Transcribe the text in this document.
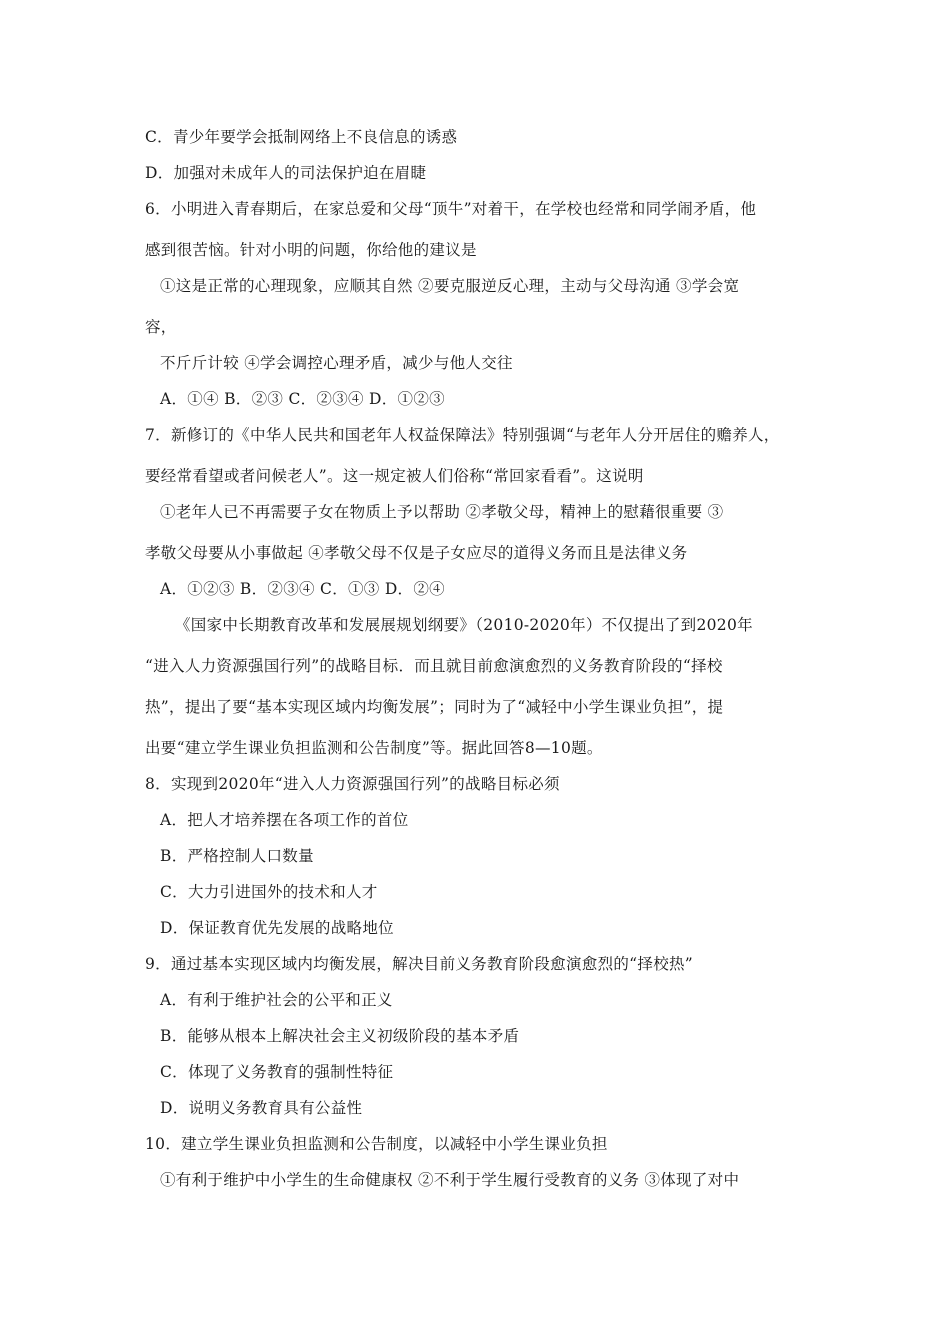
C．青少年要学会抵制网络上不良信息的诱惑
D．加强对未成年人的司法保护迫在眉睫
6．小明进入青春期后，在家总爱和父母“顶牛”对着干，在学校也经常和同学闹矛盾，他
感到很苦恼。针对小明的问题，你给他的建议是
①这是正常的心理现象，应顺其自然 ②要克服逆反心理，主动与父母沟通 ③学会宽
容，
不斤斤计较 ④学会调控心理矛盾，减少与他人交往
A．①④ B．②③ C．②③④ D．①②③
7．新修订的《中华人民共和国老年人权益保障法》特别强调“与老年人分开居住的赡养人，
要经常看望或者问候老人”。这一规定被人们俗称“常回家看看”。这说明
①老年人已不再需要子女在物质上予以帮助 ②孝敬父母，精神上的慰藉很重要 ③
孝敬父母要从小事做起 ④孝敬父母不仅是子女应尽的道得义务而且是法律义务
A．①②③ B．②③④ C．①③ D．②④
《国家中长期教育改革和发展展规划纲要》（2010-2020年）不仅提出了到2020年
“进入人力资源强国行列”的战略目标．而且就目前愈演愈烈的义务教育阶段的“择校
热”，提出了要“基本实现区域内均衡发展”；同时为了“减轻中小学生课业负担”，提
出要“建立学生课业负担监测和公告制度”等。据此回答8—10题。
8．实现到2020年“进入人力资源强国行列”的战略目标必须
A．把人才培养摆在各项工作的首位
B．严格控制人口数量
C．大力引进国外的技术和人才
D．保证教育优先发展的战略地位
9．通过基本实现区域内均衡发展，解决目前义务教育阶段愈演愈烈的“择校热”
A．有利于维护社会的公平和正义
B．能够从根本上解决社会主义初级阶段的基本矛盾
C．体现了义务教育的强制性特征
D．说明义务教育具有公益性
10．建立学生课业负担监测和公告制度，以减轻中小学生课业负担
①有利于维护中小学生的生命健康权 ②不利于学生履行受教育的义务 ③体现了对中
